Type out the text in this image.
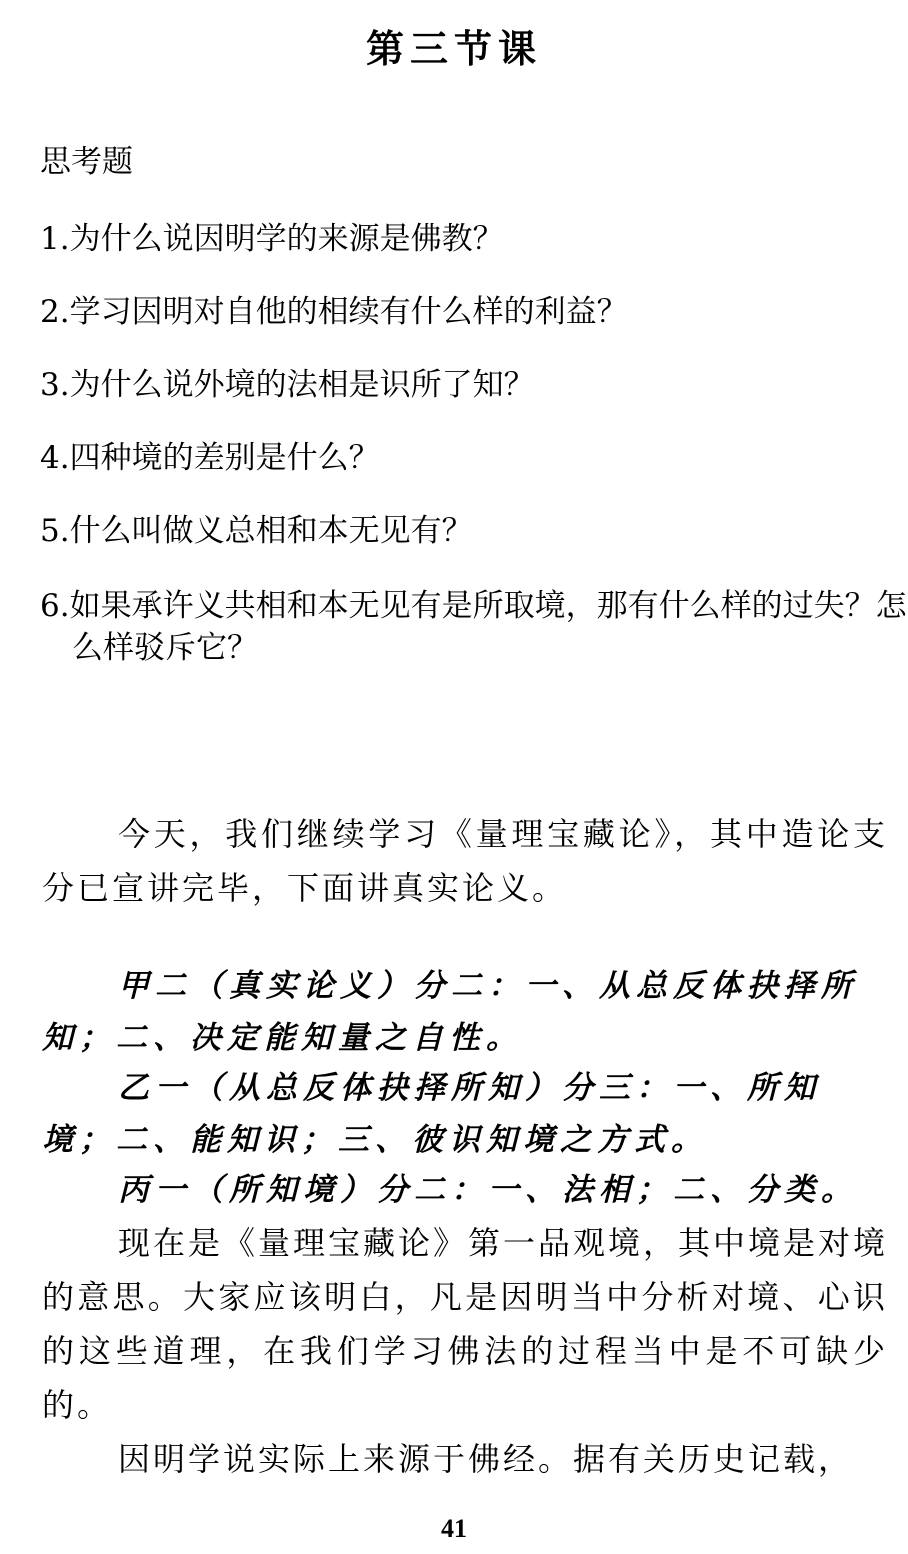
第三节课
思考题
1.为什么说因明学的来源是佛教？
2.学习因明对自他的相续有什么样的利益？
3.为什么说外境的法相是识所了知？
4.四种境的差别是什么？
5.什么叫做义总相和本无见有？
6.如果承许义共相和本无见有是所取境，那有什么样的过失？怎么样驳斥它？
今天，我们继续学习《量理宝藏论》，其中造论支分已宣讲完毕，下面讲真实论义。
甲二（真实论义）分二：一、从总反体抉择所知；二、决定能知量之自性。
乙一（从总反体抉择所知）分三：一、所知境；二、能知识；三、彼识知境之方式。
丙一（所知境）分二：一、法相；二、分类。
现在是《量理宝藏论》第一品观境，其中境是对境的意思。大家应该明白，凡是因明当中分析对境、心识的这些道理，在我们学习佛法的过程当中是不可缺少的。
因明学说实际上来源于佛经。据有关历史记载，
41
